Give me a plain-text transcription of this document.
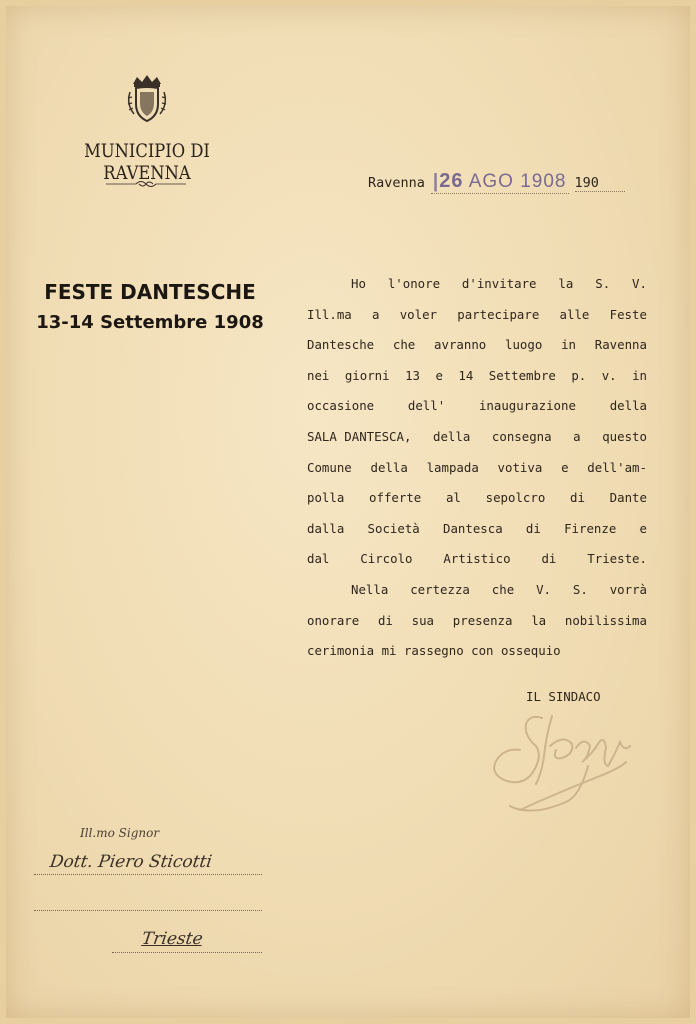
MUNICIPIO DI RAVENNA	Ravenna |26 AGO 1908 190
FESTE DANTESCHE
13-14 Settembre 1908
Ho l'onore d'invitare la S. V.
Ill.ma a voler partecipare alle Feste
Dantesche che avranno luogo in Ravenna
nei giorni 13 e 14 Settembre p. v. in
occasione	dell'	inaugurazione	della
SALA DANTESCA, della consegna a questo
Comune della lampada votiva e dell'am-
polla offerte al sepolcro di Dante
dalla Società Dantesca di Firenze e
dal Circolo Artistico di Trieste.
Nella certezza che V. S. vorrà
onorare di sua presenza la nobilissima
cerimonia mi rassegno con ossequio
IL SINDACO
Ill.mo Signor
Dott. Piero Sticotti
Trieste
